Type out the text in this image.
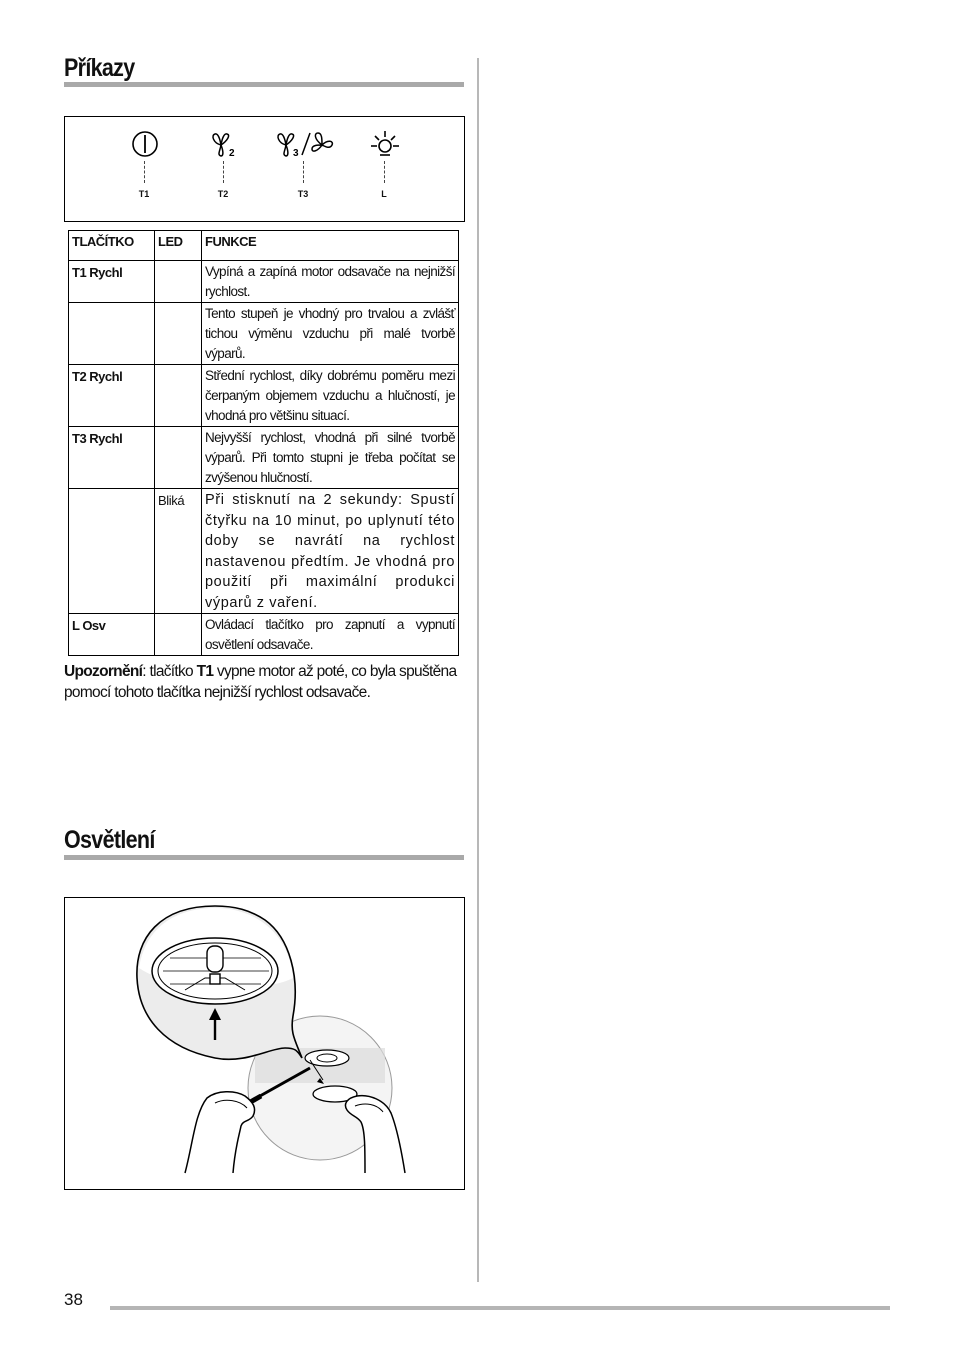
Příkazy
2	3
T1	T2	T3	L
TLAČÍTKO	LED	FUNKCE
T1 Rychl		Vypíná a zapíná motor odsavače na nejnižší rychlost.
		Tento stupeň je vhodný pro trvalou a zvlášť tichou výměnu vzduchu při malé tvorbě výparů.
T2 Rychl		Střední rychlost, díky dobrému poměru mezi čerpaným objemem vzduchu a hlučností, je vhodná pro většinu situací.
T3 Rychl		Nejvyšší rychlost, vhodná při silné tvorbě výparů. Při tomto stupni je třeba počítat se zvýšenou hlučností.
	Bliká	Při stisknutí na 2 sekundy: Spustí čtyřku na 10 minut, po uplynutí této doby se navrátí na rychlost nastavenou předtím. Je vhodná pro použití při maximální produkci výparů z vaření.
L Osv		Ovládací tlačítko pro zapnutí a vypnutí osvětlení odsavače.
Upozornění: tlačítko T1 vypne motor až poté, co byla spuštěna pomocí tohoto tlačítka nejnižší rychlost odsavače.
Osvětlení
38
